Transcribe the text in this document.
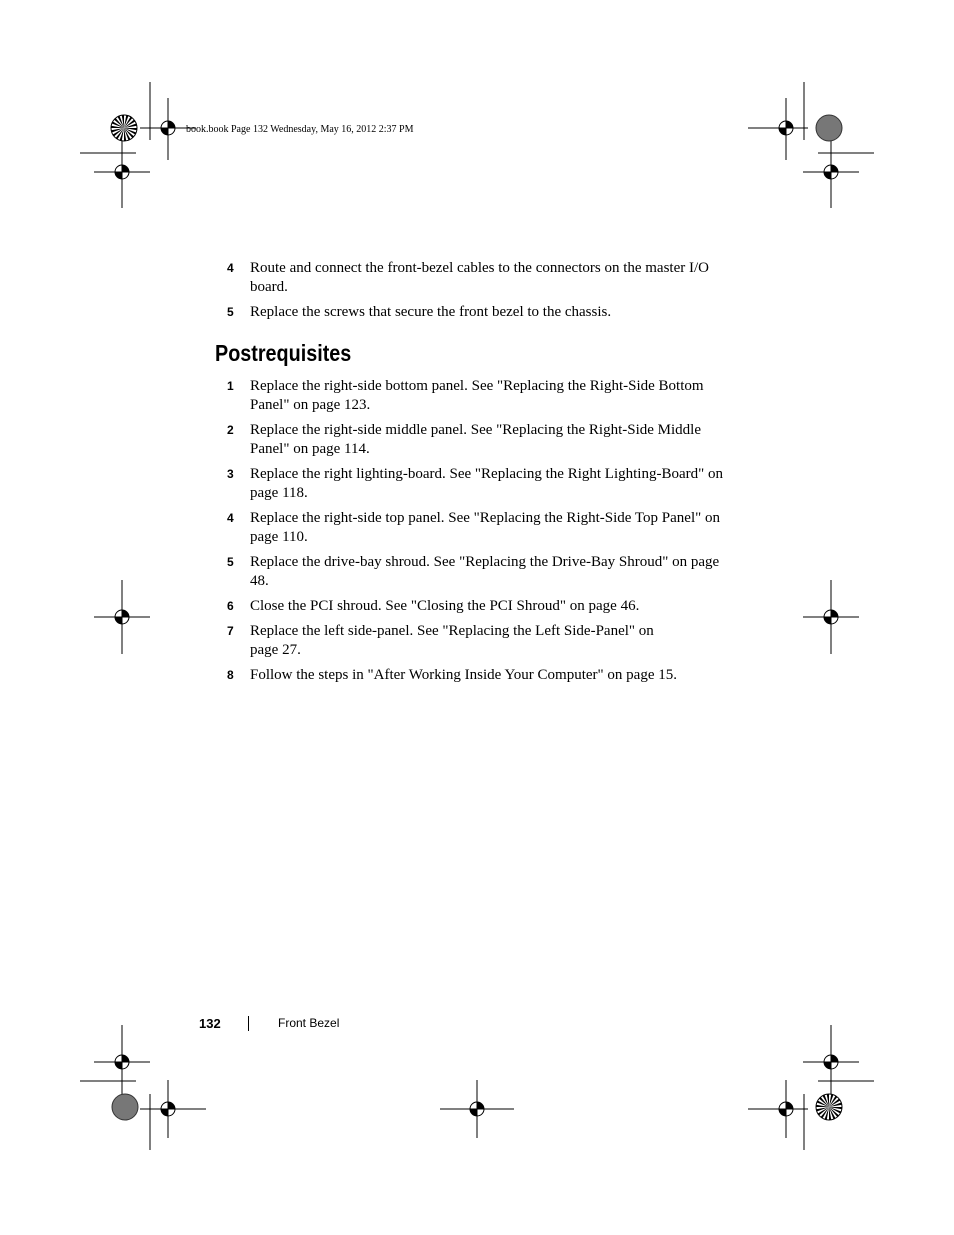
book.book Page 132 Wednesday, May 16, 2012 2:37 PM
4 Route and connect the front-bezel cables to the connectors on the master I/O board.
5 Replace the screws that secure the front bezel to the chassis.
Postrequisites
1 Replace the right-side bottom panel. See "Replacing the Right-Side Bottom Panel" on page 123.
2 Replace the right-side middle panel. See "Replacing the Right-Side Middle Panel" on page 114.
3 Replace the right lighting-board. See "Replacing the Right Lighting-Board" on page 118.
4 Replace the right-side top panel. See "Replacing the Right-Side Top Panel" on page 110.
5 Replace the drive-bay shroud. See "Replacing the Drive-Bay Shroud" on page 48.
6 Close the PCI shroud. See "Closing the PCI Shroud" on page 46.
7 Replace the left side-panel. See "Replacing the Left Side-Panel" on page 27.
8 Follow the steps in "After Working Inside Your Computer" on page 15.
132	Front Bezel
